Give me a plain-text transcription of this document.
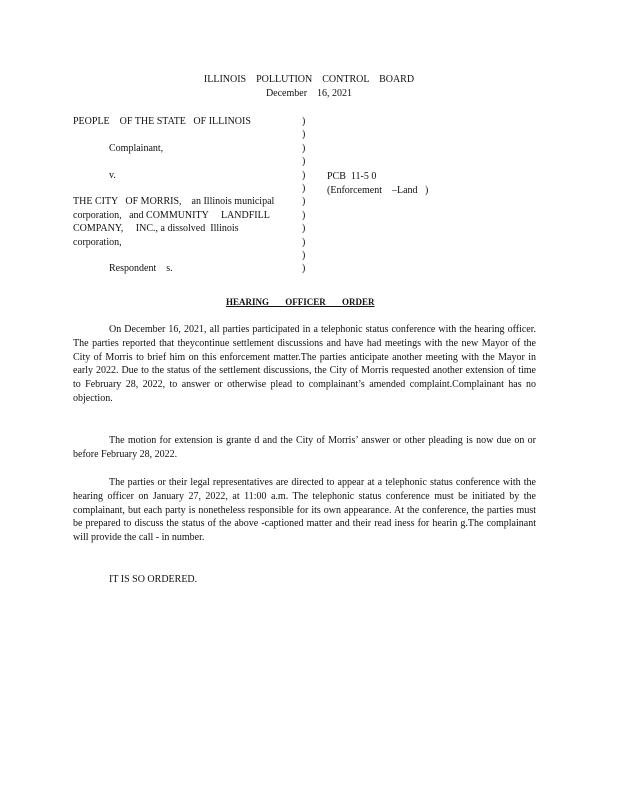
ILLINOIS    POLLUTION    CONTROL    BOARD
December    16, 2021
PEOPLE    OF THE STATE   OF ILLINOIS
Complainant,
v.
THE CITY   OF MORRIS,    an Illinois municipal
corporation,   and COMMUNITY     LANDFILL
COMPANY,     INC., a dissolved  Illinois
corporation,
Respondent    s.
)
)
)
)
)
)
)
)
)
)
)
)
PCB  11-5 0
(Enforcement    –Land   )
HEARING OFFICER ORDER
On December 16, 2021, all parties participated in a telephonic status conference with the hearing officer. The parties reported that theycontinue settlement discussions and have had meetings with the new Mayor of the City of Morris to brief him on this enforcement matter.The parties anticipate another meeting with the Mayor in early 2022. Due to the status of the settlement discussions, the City of Morris requested another extension of time to February 28, 2022, to answer or otherwise plead to complainant’s amended complaint.Complainant has no objection.
The motion for extension is grante d and the City of Morris’ answer or other pleading is now due on or before February 28, 2022.
The parties or their legal representatives are directed to appear at a telephonic status conference with the hearing officer on January 27, 2022, at 11:00 a.m. The telephonic status conference must be initiated by the complainant, but each party is nonetheless responsible for its own appearance. At the conference, the parties must be prepared to discuss the status of the above -captioned matter and their read iness for hearin g.The complainant will provide the call - in number.
IT IS SO ORDERED.
